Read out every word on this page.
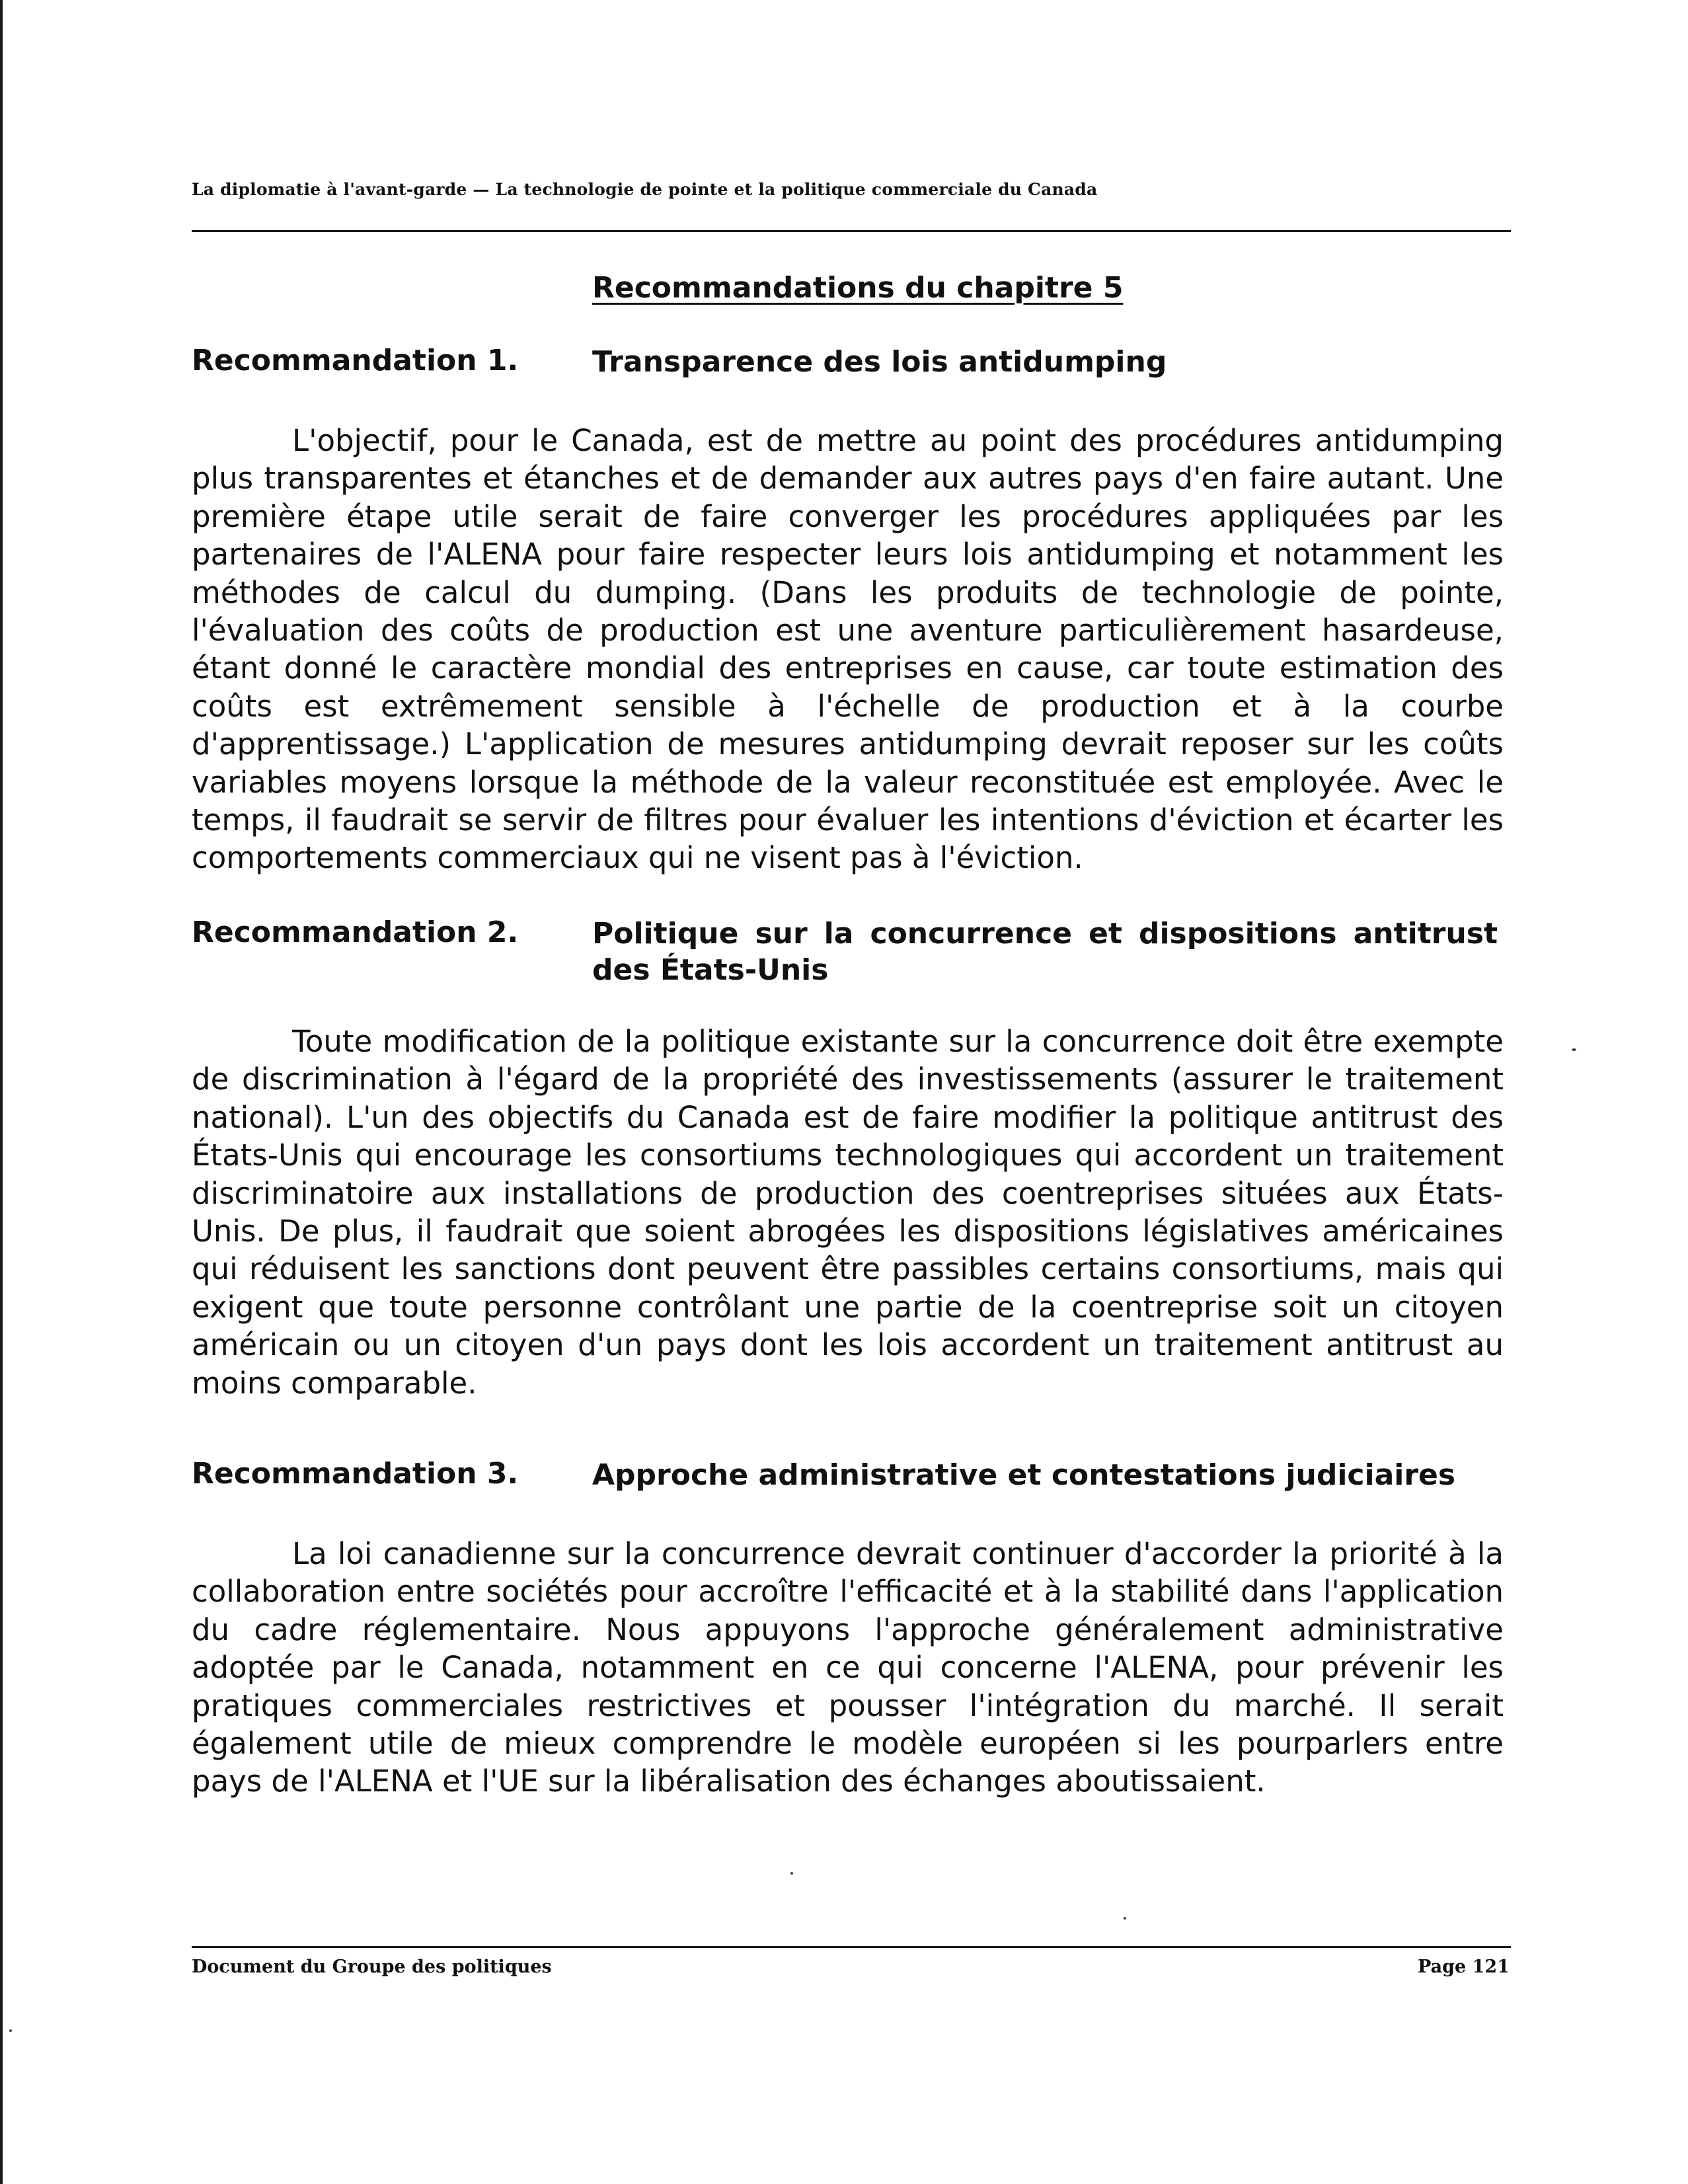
La diplomatie à l'avant-garde — La technologie de pointe et la politique commerciale du Canada
Recommandations du chapitre 5
Recommandation 1.	Transparence des lois antidumping
L'objectif, pour le Canada, est de mettre au point des procédures antidumping plus transparentes et étanches et de demander aux autres pays d'en faire autant. Une première étape utile serait de faire converger les procédures appliquées par les partenaires de l'ALENA pour faire respecter leurs lois antidumping et notamment les méthodes de calcul du dumping. (Dans les produits de technologie de pointe, l'évaluation des coûts de production est une aventure particulièrement hasardeuse, étant donné le caractère mondial des entreprises en cause, car toute estimation des coûts est extrêmement sensible à l'échelle de production et à la courbe d'apprentissage.) L'application de mesures antidumping devrait reposer sur les coûts variables moyens lorsque la méthode de la valeur reconstituée est employée. Avec le temps, il faudrait se servir de filtres pour évaluer les intentions d'éviction et écarter les comportements commerciaux qui ne visent pas à l'éviction.
Recommandation 2.	Politique sur la concurrence et dispositions antitrust des États-Unis
Toute modification de la politique existante sur la concurrence doit être exempte de discrimination à l'égard de la propriété des investissements (assurer le traitement national). L'un des objectifs du Canada est de faire modifier la politique antitrust des États-Unis qui encourage les consortiums technologiques qui accordent un traitement discriminatoire aux installations de production des coentreprises situées aux États-Unis. De plus, il faudrait que soient abrogées les dispositions législatives américaines qui réduisent les sanctions dont peuvent être passibles certains consortiums, mais qui exigent que toute personne contrôlant une partie de la coentreprise soit un citoyen américain ou un citoyen d'un pays dont les lois accordent un traitement antitrust au moins comparable.
Recommandation 3.	Approche administrative et contestations judiciaires
La loi canadienne sur la concurrence devrait continuer d'accorder la priorité à la collaboration entre sociétés pour accroître l'efficacité et à la stabilité dans l'application du cadre réglementaire. Nous appuyons l'approche généralement administrative adoptée par le Canada, notamment en ce qui concerne l'ALENA, pour prévenir les pratiques commerciales restrictives et pousser l'intégration du marché. Il serait également utile de mieux comprendre le modèle européen si les pourparlers entre pays de l'ALENA et l'UE sur la libéralisation des échanges aboutissaient.
Document du Groupe des politiques	Page 121
